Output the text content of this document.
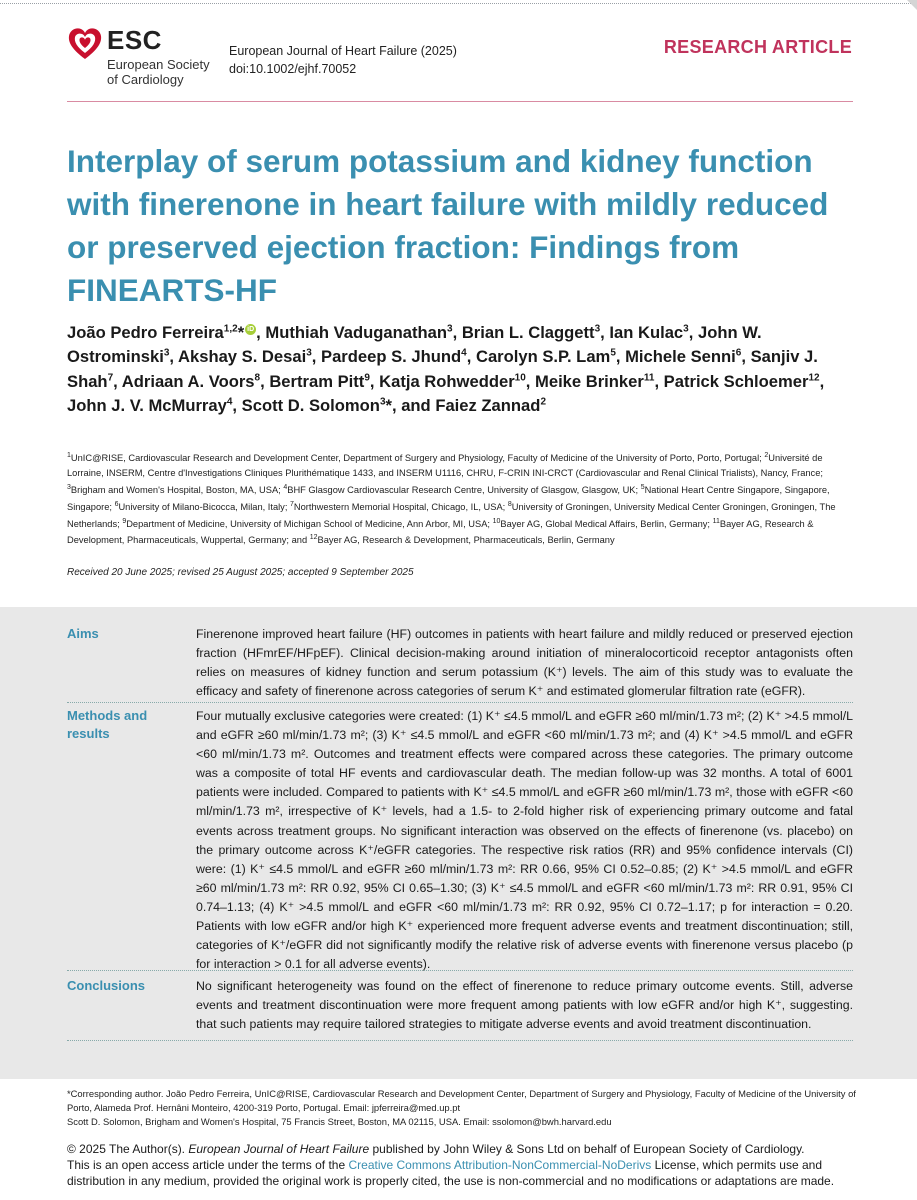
ESC
European Society
of Cardiology
European Journal of Heart Failure (2025)
doi:10.1002/ejhf.70052
RESEARCH ARTICLE
Interplay of serum potassium and kidney function with finerenone in heart failure with mildly reduced or preserved ejection fraction: Findings from FINEARTS-HF
João Pedro Ferreira$^{1,2}$* iD , Muthiah Vaduganathan$^3$, Brian L. Claggett$^3$, Ian Kulac$^3$, John W. Ostrominski$^3$, Akshay S. Desai$^3$, Pardeep S. Jhund$^4$, Carolyn S.P. Lam$^5$, Michele Senni$^6$, Sanjiv J. Shah$^7$, Adriaan A. Voors$^8$, Bertram Pitt$^9$, Katja Rohwedder$^{10}$, Meike Brinker$^{11}$, Patrick Schloemer$^{12}$, John J. V. McMurray$^4$, Scott D. Solomon$^3$*, and Faiez Zannad$^2$
$^1$UnIC@RISE, Cardiovascular Research and Development Center, Department of Surgery and Physiology, Faculty of Medicine of the University of Porto, Porto, Portugal; $^2$Université de Lorraine, INSERM, Centre d'Investigations Cliniques Plurithématique 1433, and INSERM U1116, CHRU, F-CRIN INI-CRCT (Cardiovascular and Renal Clinical Trialists), Nancy, France; $^3$Brigham and Women's Hospital, Boston, MA, USA; $^4$BHF Glasgow Cardiovascular Research Centre, University of Glasgow, Glasgow, UK; $^5$National Heart Centre Singapore, Singapore, Singapore; $^6$University of Milano-Bicocca, Milan, Italy; $^7$Northwestern Memorial Hospital, Chicago, IL, USA; $^8$University of Groningen, University Medical Center Groningen, Groningen, The Netherlands; $^9$Department of Medicine, University of Michigan School of Medicine, Ann Arbor, MI, USA; $^{10}$Bayer AG, Global Medical Affairs, Berlin, Germany; $^{11}$Bayer AG, Research & Development, Pharmaceuticals, Wuppertal, Germany; and $^{12}$Bayer AG, Research & Development, Pharmaceuticals, Berlin, Germany
Received 20 June 2025; revised 25 August 2025; accepted 9 September 2025
Aims	Finerenone improved heart failure (HF) outcomes in patients with heart failure and mildly reduced or preserved ejection fraction (HFmrEF/HFpEF). Clinical decision-making around initiation of mineralocorticoid receptor antagonists often relies on measures of kidney function and serum potassium (K⁺) levels. The aim of this study was to evaluate the efficacy and safety of finerenone across categories of serum K⁺ and estimated glomerular filtration rate (eGFR).
Methods and results
Four mutually exclusive categories were created: (1) K⁺ ≤4.5 mmol/L and eGFR ≥60 ml/min/1.73 m²; (2) K⁺ >4.5 mmol/L and eGFR ≥60 ml/min/1.73 m²; (3) K⁺ ≤4.5 mmol/L and eGFR <60 ml/min/1.73 m²; and (4) K⁺ >4.5 mmol/L and eGFR <60 ml/min/1.73 m². Outcomes and treatment effects were compared across these categories. The primary outcome was a composite of total HF events and cardiovascular death. The median follow-up was 32 months. A total of 6001 patients were included. Compared to patients with K⁺ ≤4.5 mmol/L and eGFR ≥60 ml/min/1.73 m², those with eGFR <60 ml/min/1.73 m², irrespective of K⁺ levels, had a 1.5- to 2-fold higher risk of experiencing primary outcome and fatal events across treatment groups. No significant interaction was observed on the effects of finerenone (vs. placebo) on the primary outcome across K⁺/eGFR categories. The respective risk ratios (RR) and 95% confidence intervals (CI) were: (1) K⁺ ≤4.5 mmol/L and eGFR ≥60 ml/min/1.73 m²: RR 0.66, 95% CI 0.52–0.85; (2) K⁺ >4.5 mmol/L and eGFR ≥60 ml/min/1.73 m²: RR 0.92, 95% CI 0.65–1.30; (3) K⁺ ≤4.5 mmol/L and eGFR <60 ml/min/1.73 m²: RR 0.91, 95% CI 0.74–1.13; (4) K⁺ >4.5 mmol/L and eGFR <60 ml/min/1.73 m²: RR 0.92, 95% CI 0.72–1.17; p for interaction = 0.20. Patients with low eGFR and/or high K⁺ experienced more frequent adverse events and treatment discontinuation; still, categories of K⁺/eGFR did not significantly modify the relative risk of adverse events with finerenone versus placebo (p for interaction > 0.1 for all adverse events).
Conclusions	No significant heterogeneity was found on the effect of finerenone to reduce primary outcome events. Still, adverse events and treatment discontinuation were more frequent among patients with low eGFR and/or high K⁺, suggesting. that such patients may require tailored strategies to mitigate adverse events and avoid treatment discontinuation.
*Corresponding author. João Pedro Ferreira, UnIC@RISE, Cardiovascular Research and Development Center, Department of Surgery and Physiology, Faculty of Medicine of the University of Porto, Alameda Prof. Hernâni Monteiro, 4200-319 Porto, Portugal. Email: jpferreira@med.up.pt
Scott D. Solomon, Brigham and Women's Hospital, 75 Francis Street, Boston, MA 02115, USA. Email: ssolomon@bwh.harvard.edu
© 2025 The Author(s). European Journal of Heart Failure published by John Wiley & Sons Ltd on behalf of European Society of Cardiology.
This is an open access article under the terms of the Creative Commons Attribution-NonCommercial-NoDerivs License, which permits use and distribution in any medium, provided the original work is properly cited, the use is non-commercial and no modifications or adaptations are made.
